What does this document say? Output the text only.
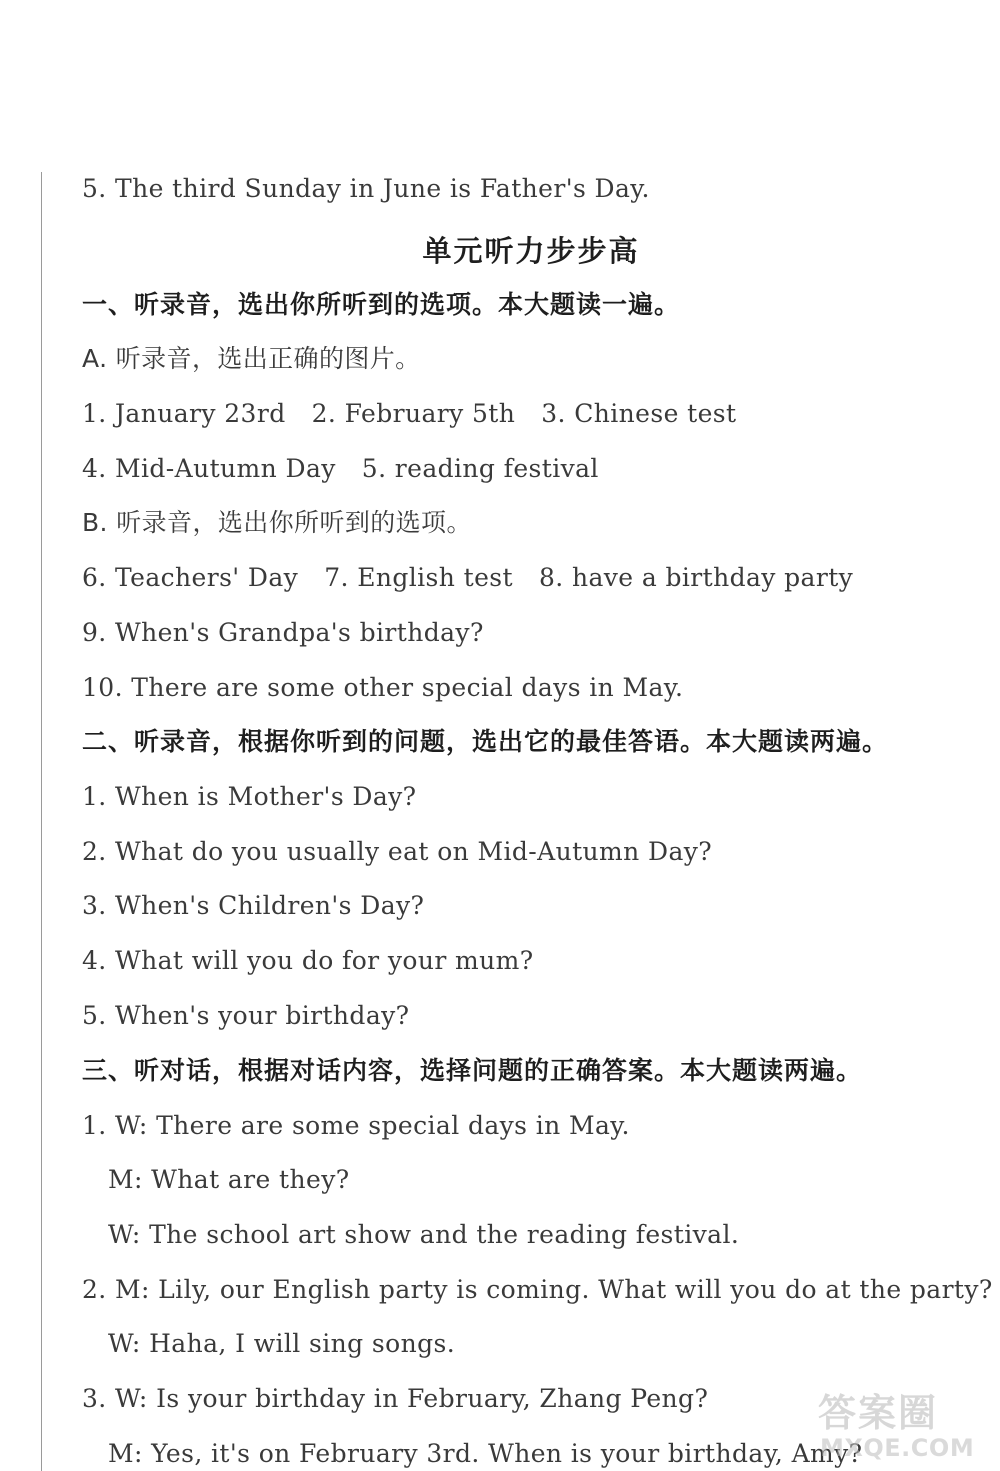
5. The third Sunday in June is Father's Day.
单元听力步步高
一、听录音，选出你所听到的选项。本大题读一遍。
A. 听录音，选出正确的图片。
1. January 23rd 2. February 5th 3. Chinese test
4. Mid-Autumn Day 5. reading festival
B. 听录音，选出你所听到的选项。
6. Teachers' Day 7. English test 8. have a birthday party
9. When's Grandpa's birthday?
10. There are some other special days in May.
二、听录音，根据你听到的问题，选出它的最佳答语。本大题读两遍。
1. When is Mother's Day?
2. What do you usually eat on Mid-Autumn Day?
3. When's Children's Day?
4. What will you do for your mum?
5. When's your birthday?
三、听对话，根据对话内容，选择问题的正确答案。本大题读两遍。
1. W: There are some special days in May.
M: What are they?
W: The school art show and the reading festival.
2. M: Lily, our English party is coming. What will you do at the party?
W: Haha, I will sing songs.
3. W: Is your birthday in February, Zhang Peng?
M: Yes, it's on February 3rd. When is your birthday, Amy?
答案圈
MXQE.COM
